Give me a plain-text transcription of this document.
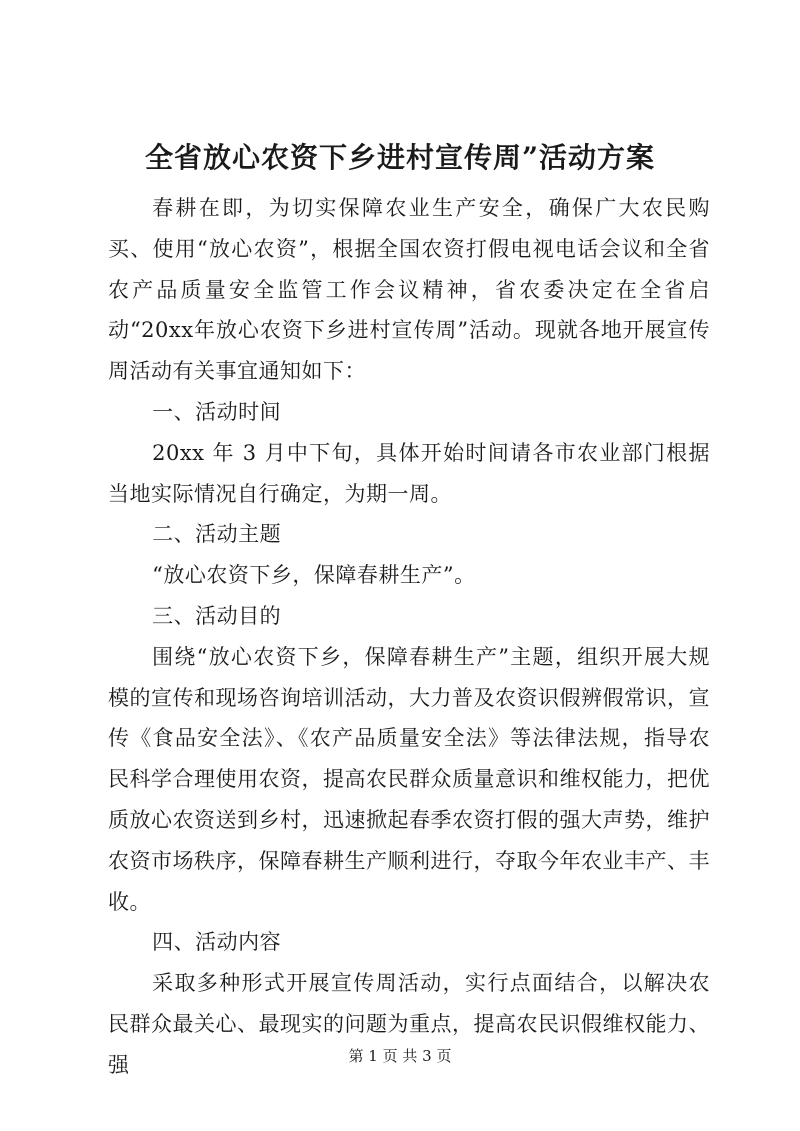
全省放心农资下乡进村宣传周”活动方案

春耕在即，为切实保障农业生产安全，确保广大农民购买、使用“放心农资”，根据全国农资打假电视电话会议和全省农产品质量安全监管工作会议精神，省农委决定在全省启动“20xx年放心农资下乡进村宣传周”活动。现就各地开展宣传周活动有关事宜通知如下：

一、活动时间

20xx 年 3 月中下旬，具体开始时间请各市农业部门根据当地实际情况自行确定，为期一周。

二、活动主题

“放心农资下乡，保障春耕生产”。

三、活动目的

围绕“放心农资下乡，保障春耕生产”主题，组织开展大规模的宣传和现场咨询培训活动，大力普及农资识假辨假常识，宣传《食品安全法》、《农产品质量安全法》等法律法规，指导农民科学合理使用农资，提高农民群众质量意识和维权能力，把优质放心农资送到乡村，迅速掀起春季农资打假的强大声势，维护农资市场秩序，保障春耕生产顺利进行，夺取今年农业丰产、丰收。

四、活动内容

采取多种形式开展宣传周活动，实行点面结合，以解决农民群众最关心、最现实的问题为重点，提高农民识假维权能力、强	第 1 页 共 3 页
